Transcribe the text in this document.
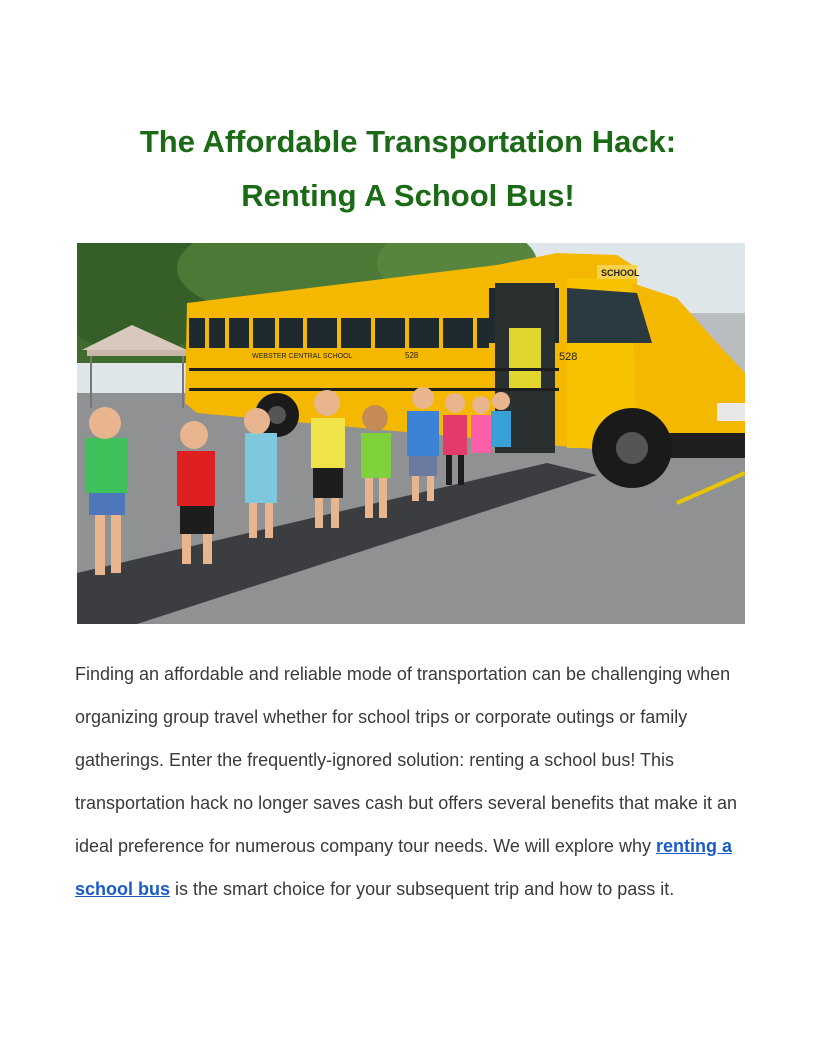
The Affordable Transportation Hack:
Renting A School Bus!
WEBSTER CENTRAL SCHOOL	528	528
SCHOOL

Finding an affordable and reliable mode of transportation can be challenging when organizing group travel whether for school trips or corporate outings or family gatherings. Enter the frequently-ignored solution: renting a school bus! This transportation hack no longer saves cash but offers several benefits that make it an ideal preference for numerous company tour needs. We will explore why renting a school bus is the smart choice for your subsequent trip and how to pass it.
